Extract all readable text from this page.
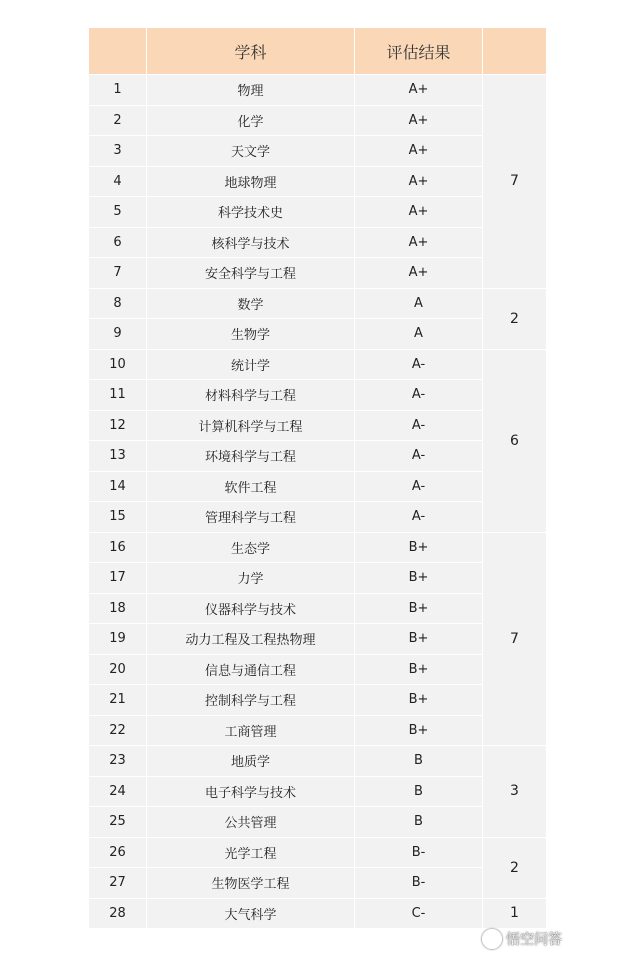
	学科	评估结果	
1	物理	A+	7
2	化学	A+	
3	天文学	A+	
4	地球物理	A+	
5	科学技术史	A+	
6	核科学与技术	A+	
7	安全科学与工程	A+	
8	数学	A	2
9	生物学	A	
10	统计学	A-	6
11	材料科学与工程	A-	
12	计算机科学与工程	A-	
13	环境科学与工程	A-	
14	软件工程	A-	
15	管理科学与工程	A-	
16	生态学	B+	7
17	力学	B+	
18	仪器科学与技术	B+	
19	动力工程及工程热物理	B+	
20	信息与通信工程	B+	
21	控制科学与工程	B+	
22	工商管理	B+	
23	地质学	B	3
24	电子科学与技术	B	
25	公共管理	B	
26	光学工程	B-	2
27	生物医学工程	B-	
28	大气科学	C-	1
悟空问答
